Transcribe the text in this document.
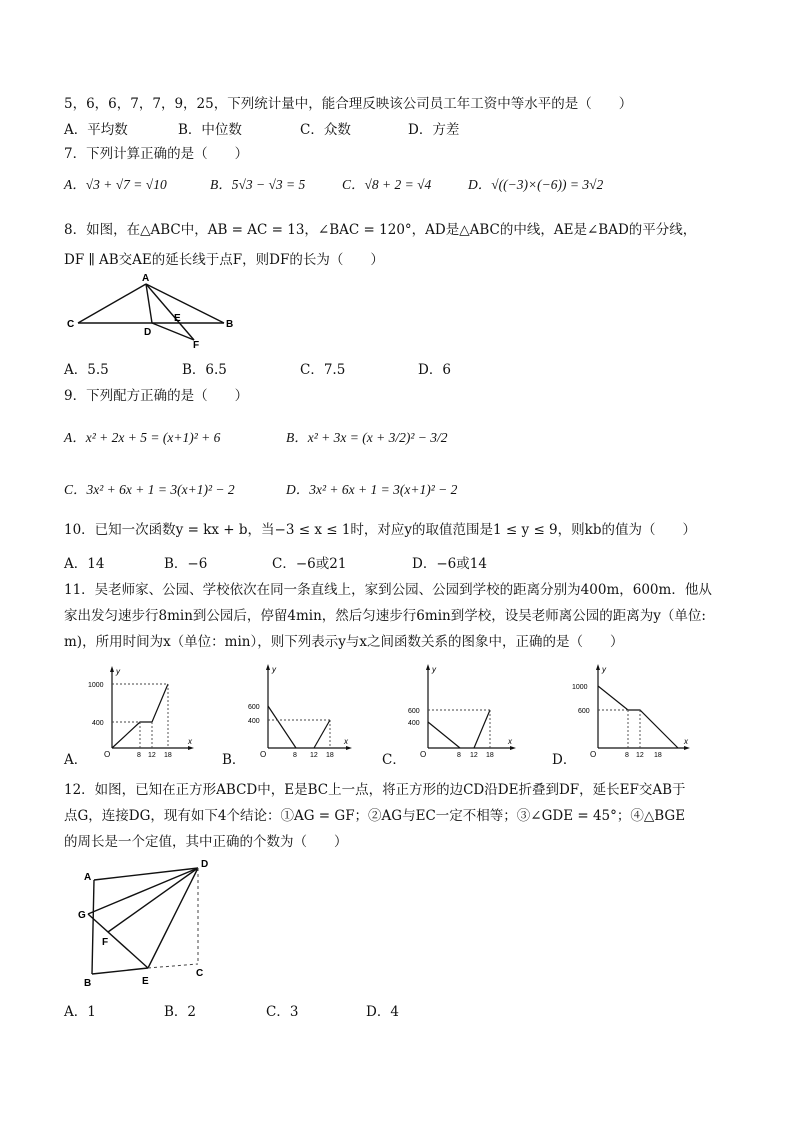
5，6，6，7，7，9，25，下列统计量中，能合理反映该公司员工年工资中等水平的是（　　）
A．平均数	B．中位数	C．众数	D．方差
7．下列计算正确的是（　　）
A．√3 + √7 = √10	B．5√3 − √3 = 5	C．√8 + 2 = √4	D．√((−3)×(−6)) = 3√2
8．如图，在△ABC中，AB = AC = 13，∠BAC = 120°，AD是△ABC的中线，AE是∠BAD的平分线，
DF ∥ AB交AE的延长线于点F，则DF的长为（　　）
A
C	B
D
E
F
A．5.5	B．6.5	C．7.5	D．6
9．下列配方正确的是（　　）
A．x² + 2x + 5 = (x+1)² + 6	B．x² + 3x = (x + 3/2)² − 3/2
C．3x² + 6x + 1 = 3(x+1)² − 2	D．3x² + 6x + 1 = 3(x+1)² − 2
10．已知一次函数y = kx + b，当−3 ≤ x ≤ 1时，对应y的取值范围是1 ≤ y ≤ 9，则kb的值为（　　）
A．14	B．−6	C．−6或21	D．−6或14
11．吴老师家、公园、学校依次在同一条直线上，家到公园、公园到学校的距离分别为400m，600m．他从
家出发匀速步行8min到公园后，停留4min，然后匀速步行6min到学校，设吴老师离公园的距离为y（单位:
m)，所用时间为x（单位：min），则下列表示y与x之间函数关系的图象中，正确的是（　　）
A．
y
x
O	8 12 18
400
1000
B．
y
x
O	8 12 18
600
400
C．
y
x
O	8 12 18
600
400
D．
y
x
O	8 12 18
1000
600
12．如图，已知在正方形ABCD中，E是BC上一点，将正方形的边CD沿DE折叠到DF，延长EF交AB于
点G，连接DG，现有如下4个结论：①AG = GF；②AG与EC一定不相等；③∠GDE = 45°；④△BGE
的周长是一个定值，其中正确的个数为（　　）
A
D
G
F
B	E
C
A．1	B．2	C．3	D．4
